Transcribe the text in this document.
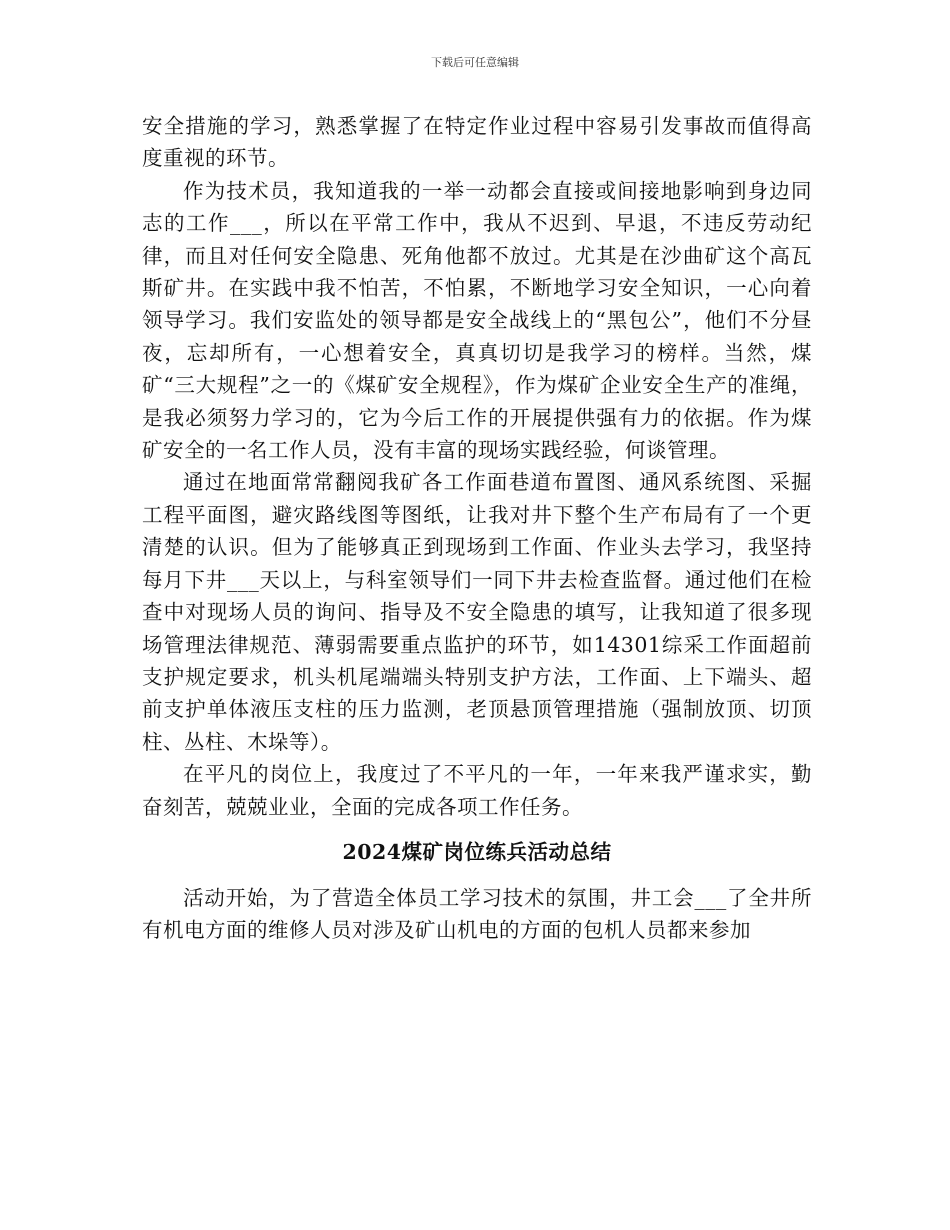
下载后可任意编辑

安全措施的学习，熟悉掌握了在特定作业过程中容易引发事故而值得高度重视的环节。

作为技术员，我知道我的一举一动都会直接或间接地影响到身边同志的工作___，所以在平常工作中，我从不迟到、早退，不违反劳动纪律，而且对任何安全隐患、死角他都不放过。尤其是在沙曲矿这个高瓦斯矿井。在实践中我不怕苦，不怕累，不断地学习安全知识，一心向着领导学习。我们安监处的领导都是安全战线上的“黑包公”，他们不分昼夜，忘却所有，一心想着安全，真真切切是我学习的榜样。当然，煤矿“三大规程”之一的《煤矿安全规程》，作为煤矿企业安全生产的准绳，是我必须努力学习的，它为今后工作的开展提供强有力的依据。作为煤矿安全的一名工作人员，没有丰富的现场实践经验，何谈管理。

通过在地面常常翻阅我矿各工作面巷道布置图、通风系统图、采掘工程平面图，避灾路线图等图纸，让我对井下整个生产布局有了一个更清楚的认识。但为了能够真正到现场到工作面、作业头去学习，我坚持每月下井___天以上，与科室领导们一同下井去检查监督。通过他们在检查中对现场人员的询问、指导及不安全隐患的填写，让我知道了很多现场管理法律规范、薄弱需要重点监护的环节，如14301综采工作面超前支护规定要求，机头机尾端端头特别支护方法，工作面、上下端头、超前支护单体液压支柱的压力监测，老顶悬顶管理措施（强制放顶、切顶柱、丛柱、木垛等）。

在平凡的岗位上，我度过了不平凡的一年，一年来我严谨求实，勤奋刻苦，兢兢业业，全面的完成各项工作任务。

2024煤矿岗位练兵活动总结

活动开始，为了营造全体员工学习技术的氛围，井工会___了全井所有机电方面的维修人员对涉及矿山机电的方面的包机人员都来参加
